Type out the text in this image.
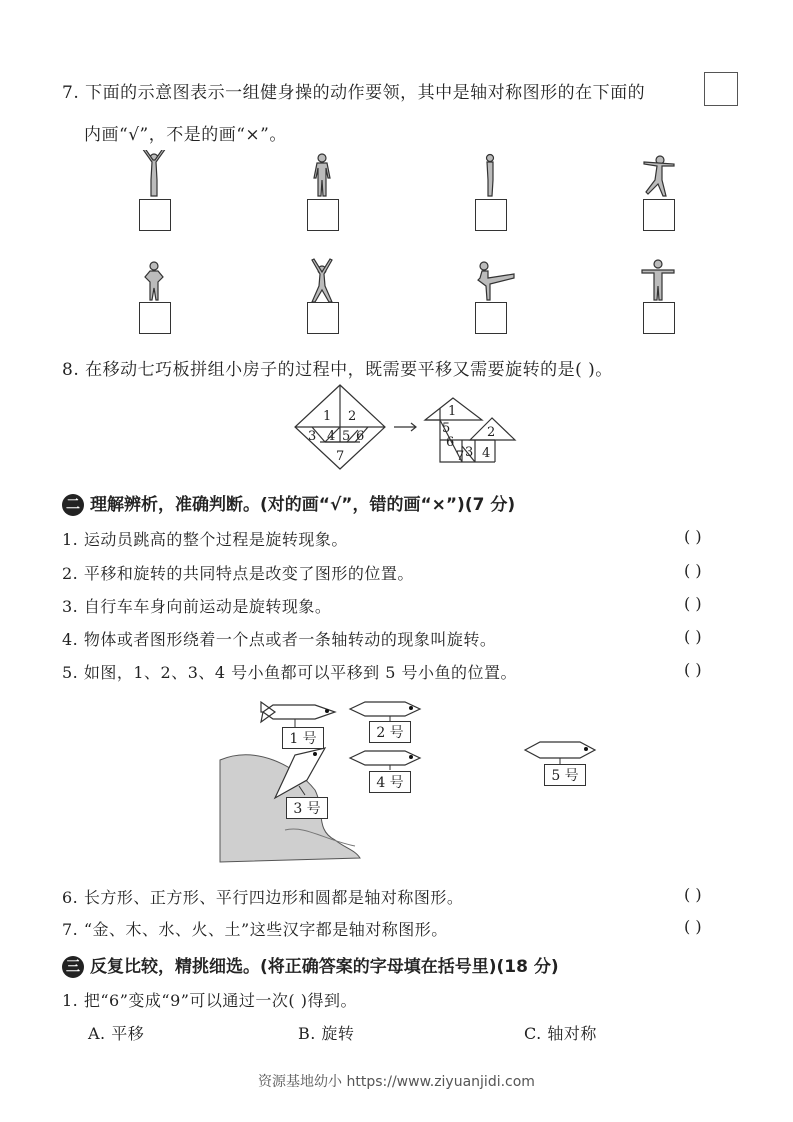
7. 下面的示意图表示一组健身操的动作要领，其中是轴对称图形的在下面的
内画“√”，不是的画“×”。
8. 在移动七巧板拼组小房子的过程中，既需要平移又需要旋转的是( )。
1 2
3 4 5 6
7
1
5
6
2
7 3 4
二 理解辨析，准确判断。(对的画“√”，错的画“×”)(7 分)
1. 运动员跳高的整个过程是旋转现象。	( )
2. 平移和旋转的共同特点是改变了图形的位置。	( )
3. 自行车车身向前运动是旋转现象。	( )
4. 物体或者图形绕着一个点或者一条轴转动的现象叫旋转。	( )
5. 如图，1、2、3、4 号小鱼都可以平移到 5 号小鱼的位置。	( )
1 号	2 号
3 号
4 号	5 号
6. 长方形、正方形、平行四边形和圆都是轴对称图形。	( )
7. “金、木、水、火、土”这些汉字都是轴对称图形。	( )
三 反复比较，精挑细选。(将正确答案的字母填在括号里)(18 分)
1. 把“6”变成“9”可以通过一次( )得到。
A. 平移	B. 旋转	C. 轴对称
资源基地幼小 https://www.ziyuanjidi.com
